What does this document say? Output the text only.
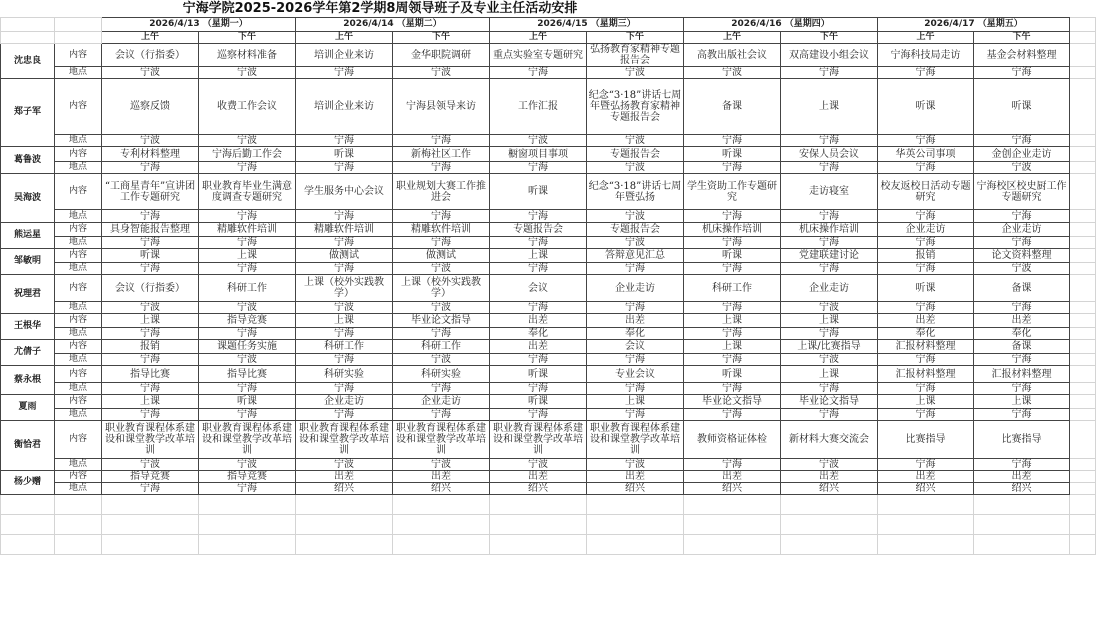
宁海学院2025-2026学年第2学期8周领导班子及专业主任活动安排
		2026/4/13 （星期一）		2026/4/14 （星期二）		2026/4/15 （星期三）		2026/4/16 （星期四）		2026/4/17 （星期五）		
		上午	下午	上午	下午	上午	下午	上午	下午	上午	下午	
沈忠良	内容	会议（行指委）	巡察材料准备	培训企业来访	金华职院调研	重点实验室专题研究	弘扬教育家精神专题报告会	高教出版社会议	双高建设小组会议	宁海科技局走访	基金会材料整理	
	地点	宁波	宁波	宁海	宁波	宁海	宁波	宁波	宁海	宁海	宁海	
郑子军	内容	巡察反馈	收费工作会议	培训企业来访	宁海县领导来访	工作汇报	纪念“3·18”讲话七周年暨弘扬教育家精神专题报告会	备课	上课	听课	听课	
	地点	宁波	宁波	宁海	宁海	宁波	宁波	宁海	宁海	宁海	宁海	
葛鲁波	内容	专利材料整理	宁海后勤工作会	听课	新梅社区工作	橱窗项目事项	专题报告会	听课	安保人员会议	华英公司事项	金创企业走访	
	地点	宁海	宁海	宁海	宁海	宁海	宁波	宁海	宁海	宁海	宁波	
吴海波	内容	“工商星青年”宣讲团工作专题研究	职业教育毕业生满意度调查专题研究	学生服务中心会议	职业规划大赛工作推进会	听课	纪念“3·18”讲话七周年暨弘扬	学生资助工作专题研究	走访寝室	校友返校日活动专题研究	宁海校区校史厨工作专题研究	
	地点	宁海	宁海	宁海	宁海	宁海	宁波	宁海	宁海	宁海	宁海	
熊运星	内容	具身智能报告整理	精雕软件培训	精雕软件培训	精雕软件培训	专题报告会	专题报告会	机床操作培训	机床操作培训	企业走访	企业走访	
	地点	宁海	宁海	宁海	宁海	宁海	宁波	宁海	宁海	宁海	宁海	
邹敏明	内容	听课	上课	做测试	做测试	上课	答辩意见汇总	听课	党建联建讨论	报销	论文资料整理	
	地点	宁海	宁海	宁海	宁波	宁海	宁海	宁海	宁海	宁海	宁波	
祝理君	内容	会议（行指委）	科研工作	上课（校外实践教学）	上课（校外实践教学）	会议	企业走访	科研工作	企业走访	听课	备课	
	地点	宁波	宁波	宁波	宁波	宁海	宁海	宁海	宁波	宁海	宁海	
王根华	内容	上课	指导竞赛	上课	毕业论文指导	出差	出差	上课	上课	出差	出差	
	地点	宁海	宁海	宁海	宁海	奉化	奉化	宁海	宁海	奉化	奉化	
尤倩子	内容	报销	课题任务实施	科研工作	科研工作	出差	会议	上课	上课/比赛指导	汇报材料整理	备课	
	地点	宁海	宁波	宁海	宁波	宁海	宁海	宁海	宁波	宁海	宁海	
蔡永根	内容	指导比赛	指导比赛	科研实验	科研实验	听课	专业会议	听课	上课	汇报材料整理	汇报材料整理	
	地点	宁海	宁海	宁海	宁海	宁海	宁海	宁海	宁海	宁海	宁海	
夏雨	内容	上课	听课	企业走访	企业走访	听课	上课	毕业论文指导	毕业论文指导	上课	上课	
	地点	宁海	宁海	宁海	宁海	宁海	宁海	宁海	宁海	宁海	宁海	
衡恰君	内容	职业教育课程体系建设和课堂教学改革培训	职业教育课程体系建设和课堂教学改革培训	职业教育课程体系建设和课堂教学改革培训	职业教育课程体系建设和课堂教学改革培训	职业教育课程体系建设和课堂教学改革培训	职业教育课程体系建设和课堂教学改革培训	教师资格证体检	新材料大赛交流会	比赛指导	比赛指导	
	地点	宁波	宁波	宁波	宁波	宁波	宁波	宁海	宁波	宁海	宁海	
杨少赠	内容	指导竞赛	指导竞赛	出差	出差	出差	出差	出差	出差	出差	出差	
	地点	宁海	宁海	绍兴	绍兴	绍兴	绍兴	绍兴	绍兴	绍兴	绍兴	
